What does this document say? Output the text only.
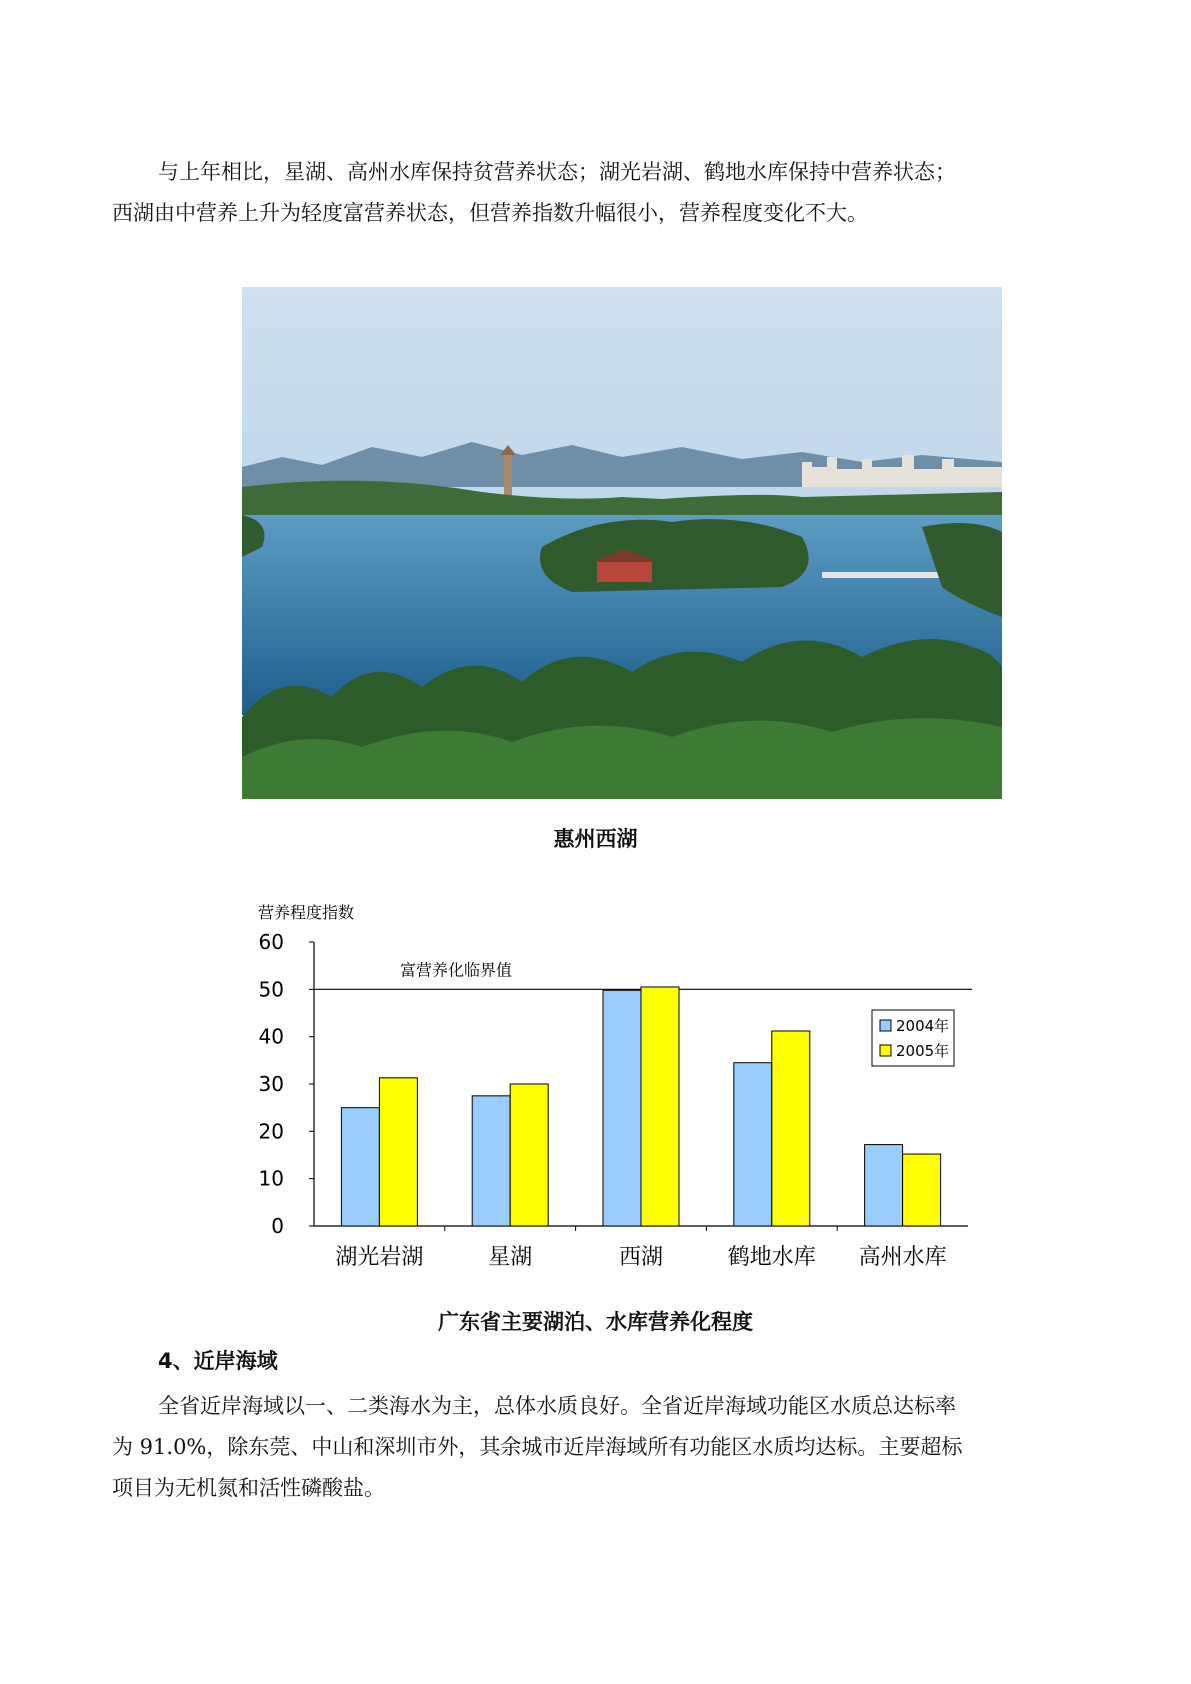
与上年相比，星湖、高州水库保持贫营养状态；湖光岩湖、鹤地水库保持中营养状态；
西湖由中营养上升为轻度富营养状态，但营养指数升幅很小，营养程度变化不大。

惠州西湖

营养程度指数
0
10
20
30
40
50
60
湖光岩湖	星湖	西湖	鹤地水库 高州水库
富营养化临界值
2004年
2005年

广东省主要湖泊、水库营养化程度

4、近岸海域

全省近岸海域以一、二类海水为主，总体水质良好。全省近岸海域功能区水质总达标率
为 91.0%，除东莞、中山和深圳市外，其余城市近岸海域所有功能区水质均达标。主要超标
项目为无机氮和活性磷酸盐。
